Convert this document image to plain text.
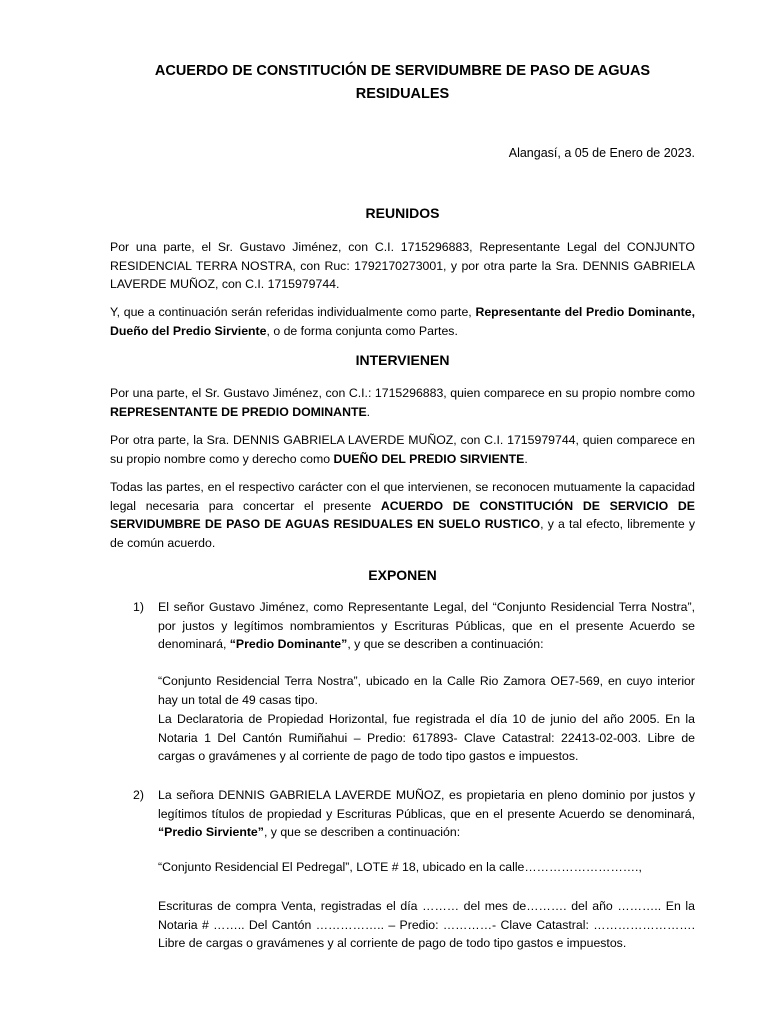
ACUERDO DE CONSTITUCIÓN DE SERVIDUMBRE DE PASO DE AGUAS
RESIDUALES
Alangasí, a 05 de Enero de 2023.
REUNIDOS
Por una parte, el Sr. Gustavo Jiménez, con C.I. 1715296883, Representante Legal del CONJUNTO RESIDENCIAL TERRA NOSTRA, con Ruc: 1792170273001, y por otra parte la Sra. DENNIS GABRIELA LAVERDE MUÑOZ, con C.I. 1715979744.
Y, que a continuación serán referidas individualmente como parte, Representante del Predio Dominante, Dueño del Predio Sirviente, o de forma conjunta como Partes.
INTERVIENEN
Por una parte, el Sr. Gustavo Jiménez, con C.I.: 1715296883, quien comparece en su propio nombre como REPRESENTANTE DE PREDIO DOMINANTE.
Por otra parte, la Sra. DENNIS GABRIELA LAVERDE MUÑOZ, con C.I. 1715979744, quien comparece en su propio nombre como y derecho como DUEÑO DEL PREDIO SIRVIENTE.
Todas las partes, en el respectivo carácter con el que intervienen, se reconocen mutuamente la capacidad legal necesaria para concertar el presente ACUERDO DE CONSTITUCIÓN DE SERVICIO DE SERVIDUMBRE DE PASO DE AGUAS RESIDUALES EN SUELO RUSTICO, y a tal efecto, libremente y de común acuerdo.
EXPONEN
1) El señor Gustavo Jiménez, como Representante Legal, del “Conjunto Residencial Terra Nostra”, por justos y legítimos nombramientos y Escrituras Públicas, que en el presente Acuerdo se denominará, “Predio Dominante”, y que se describen a continuación:
“Conjunto Residencial Terra Nostra”, ubicado en la Calle Rio Zamora OE7-569, en cuyo interior hay un total de 49 casas tipo.
La Declaratoria de Propiedad Horizontal, fue registrada el día 10 de junio del año 2005. En la Notaria 1 Del Cantón Rumiñahui – Predio: 617893- Clave Catastral: 22413-02-003. Libre de cargas o gravámenes y al corriente de pago de todo tipo gastos e impuestos.
2) La señora DENNIS GABRIELA LAVERDE MUÑOZ, es propietaria en pleno dominio por justos y legítimos títulos de propiedad y Escrituras Públicas, que en el presente Acuerdo se denominará, “Predio Sirviente”, y que se describen a continuación:
“Conjunto Residencial El Pedregal”, LOTE # 18, ubicado en la calle……………………….,
Escrituras de compra Venta, registradas el día ……… del mes de………. del año ……….. En la Notaria # …….. Del Cantón …………….. – Predio: …………- Clave Catastral: ……………………. Libre de cargas o gravámenes y al corriente de pago de todo tipo gastos e impuestos.
